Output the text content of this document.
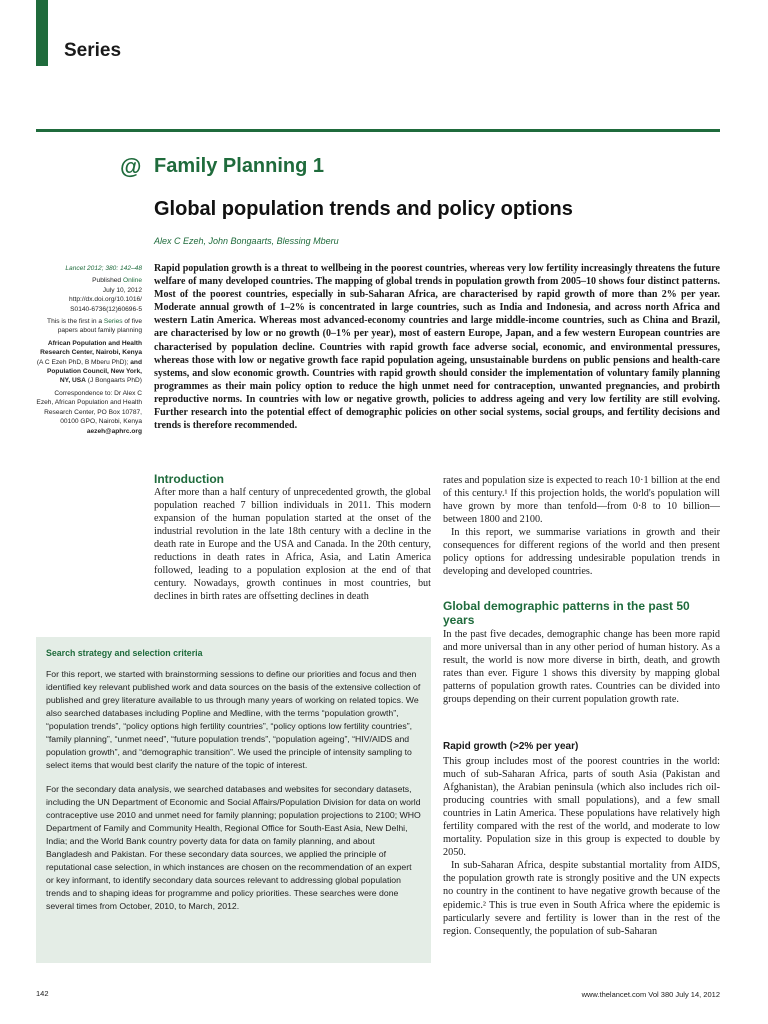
Series
@ Family Planning 1
Global population trends and policy options
Alex C Ezeh, John Bongaarts, Blessing Mberu

Lancet 2012; 380: 142–48

Published Online
July 10, 2012
http://dx.doi.org/10.1016/
S0140-6736(12)60696-5

This is the first in a Series of five papers about family planning

African Population and Health Research Center, Nairobi, Kenya (A C Ezeh PhD, B Mberu PhD); and Population Council, New York, NY, USA (J Bongaarts PhD)

Correspondence to: Dr Alex C Ezeh, African Population and Health Research Center, PO Box 10787, 00100 GPO, Nairobi, Kenya
aezeh@aphrc.org

Rapid population growth is a threat to wellbeing in the poorest countries, whereas very low fertility increasingly threatens the future welfare of many developed countries. The mapping of global trends in population growth from 2005–10 shows four distinct patterns. Most of the poorest countries, especially in sub-Saharan Africa, are characterised by rapid growth of more than 2% per year. Moderate annual growth of 1–2% is concentrated in large countries, such as India and Indonesia, and across north Africa and western Latin America. Whereas most advanced-economy countries and large middle-income countries, such as China and Brazil, are characterised by low or no growth (0–1% per year), most of eastern Europe, Japan, and a few western European countries are characterised by population decline. Countries with rapid growth face adverse social, economic, and environmental pressures, whereas those with low or negative growth face rapid population ageing, unsustainable burdens on public pensions and health-care systems, and slow economic growth. Countries with rapid growth should consider the implementation of voluntary family planning programmes as their main policy option to reduce the high unmet need for contraception, unwanted pregnancies, and probirth reproductive norms. In countries with low or negative growth, policies to address ageing and very low fertility are still evolving. Further research into the potential effect of demographic policies on other social systems, social groups, and fertility decisions and trends is therefore recommended.

Introduction

After more than a half century of unprecedented growth, the global population reached 7 billion individuals in 2011. This modern expansion of the human population started at the onset of the industrial revolution in the late 18th century with a decline in the death rate in Europe and the USA and Canada. In the 20th century, reductions in death rates in Africa, Asia, and Latin America followed, leading to a population explosion at the end of that century. Nowadays, growth continues in most countries, but declines in birth rates are offsetting declines in death

Search strategy and selection criteria

For this report, we started with brainstorming sessions to define our priorities and focus and then identified key relevant published work and data sources on the basis of the extensive collection of published and grey literature available to us through many years of working on related topics. We also searched databases including Popline and Medline, with the terms “population growth”, “population trends”, “policy options high fertility countries”, “policy options low fertility countries”, “family planning”, “unmet need”, “future population trends”, “population ageing”, “HIV/AIDS and population growth”, and “demographic transition”. We used the principle of intensity sampling to select items that would best clarify the nature of the topic of interest.

For the secondary data analysis, we searched databases and websites for secondary datasets, including the UN Department of Economic and Social Affairs/Population Division for data on world contraceptive use 2010 and unmet need for family planning; population projections to 2100; WHO Department of Family and Community Health, Regional Office for South-East Asia, New Delhi, India; and the World Bank country poverty data for data on family planning, and about Bangladesh and Pakistan. For these secondary data sources, we applied the principle of reputational case selection, in which instances are chosen on the recommendation of an expert or key informant, to identify secondary data sources relevant to addressing global population trends and to shaping ideas for programme and policy priorities. These searches were done several times from October, 2010, to March, 2012.

rates and population size is expected to reach 10·1 billion at the end of this century.¹ If this projection holds, the world's population will have grown by more than tenfold—from 0·8 to 10 billion—between 1800 and 2100.

In this report, we summarise variations in growth and their consequences for different regions of the world and then present policy options for addressing undesirable population trends in developing and developed countries.

Global demographic patterns in the past 50 years

In the past five decades, demographic change has been more rapid and more universal than in any other period of human history. As a result, the world is now more diverse in birth, death, and growth rates than ever. Figure 1 shows this diversity by mapping global patterns of population growth rates. Countries can be divided into groups depending on their current population growth rate.

Rapid growth (>2% per year)

This group includes most of the poorest countries in the world: much of sub-Saharan Africa, parts of south Asia (Pakistan and Afghanistan), the Arabian peninsula (which also includes rich oil-producing countries with small populations), and a few small countries in Latin America. These populations have relatively high fertility compared with the rest of the world, and moderate to low mortality. Population size in this group is expected to double by 2050.

In sub-Saharan Africa, despite substantial mortality from AIDS, the population growth rate is strongly positive and the UN expects no country in the continent to have negative growth because of the epidemic.² This is true even in South Africa where the epidemic is particularly severe and fertility is lower than in the rest of the region. Consequently, the population of sub-Saharan

142	www.thelancet.com Vol 380 July 14, 2012
